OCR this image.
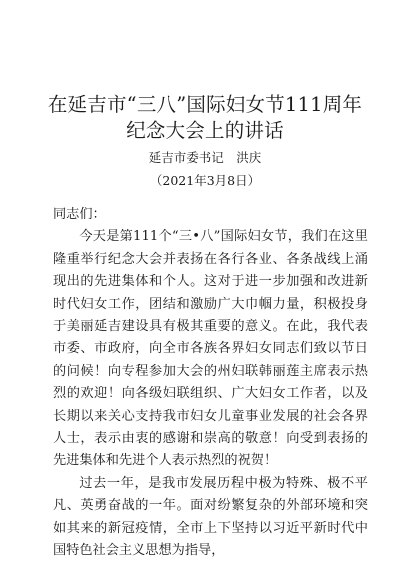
在延吉市“三八”国际妇女节111周年纪念大会上的讲话
延吉市委书记　洪庆
（2021年3月8日）

同志们：

今天是第111个“三•八”国际妇女节，我们在这里隆重举行纪念大会并表扬在各行各业、各条战线上涌现出的先进集体和个人。这对于进一步加强和改进新时代妇女工作，团结和激励广大巾帼力量，积极投身于美丽延吉建设具有极其重要的意义。在此，我代表市委、市政府，向全市各族各界妇女同志们致以节日的问候！向专程参加大会的州妇联韩丽莲主席表示热烈的欢迎！向各级妇联组织、广大妇女工作者，以及长期以来关心支持我市妇女儿童事业发展的社会各界人士，表示由衷的感谢和崇高的敬意！向受到表扬的先进集体和先进个人表示热烈的祝贺！

过去一年，是我市发展历程中极为特殊、极不平凡、英勇奋战的一年。面对纷繁复杂的外部环境和突如其来的新冠疫情，全市上下坚持以习近平新时代中国特色社会主义思想为指导，
